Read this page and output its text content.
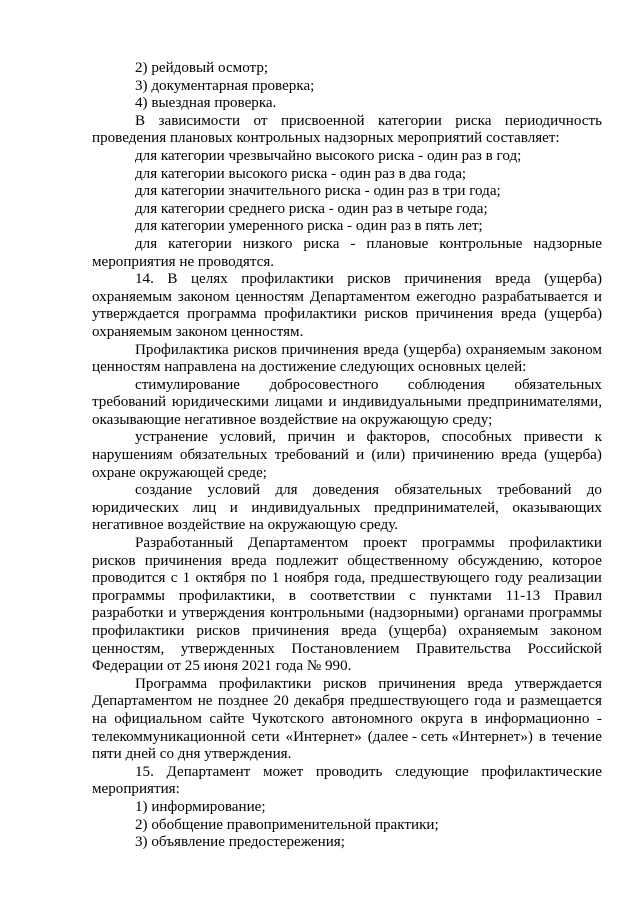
2) рейдовый осмотр;
3) документарная проверка;
4) выездная проверка.
В зависимости от присвоенной категории риска периодичность
проведения плановых контрольных надзорных мероприятий составляет:
для категории чрезвычайно высокого риска - один раз в год;
для категории высокого риска - один раз в два года;
для категории значительного риска - один раз в три года;
для категории среднего риска - один раз в четыре года;
для категории умеренного риска - один раз в пять лет;
для категории низкого риска - плановые контрольные надзорные
мероприятия не проводятся.
14. В целях профилактики рисков причинения вреда (ущерба)
охраняемым законом ценностям Департаментом ежегодно разрабатывается и
утверждается программа профилактики рисков причинения вреда (ущерба)
охраняемым законом ценностям.
Профилактика рисков причинения вреда (ущерба) охраняемым законом
ценностям направлена на достижение следующих основных целей:
стимулирование добросовестного соблюдения обязательных
требований юридическими лицами и индивидуальными предпринимателями,
оказывающие негативное воздействие на окружающую среду;
устранение условий, причин и факторов, способных привести к
нарушениям обязательных требований и (или) причинению вреда (ущерба)
охране окружающей среде;
создание условий для доведения обязательных требований до
юридических лиц и индивидуальных предпринимателей, оказывающих
негативное воздействие на окружающую среду.
Разработанный Департаментом проект программы профилактики
рисков причинения вреда подлежит общественному обсуждению, которое
проводится с 1 октября по 1 ноября года, предшествующего году реализации
программы профилактики, в соответствии с пунктами 11-13 Правил
разработки и утверждения контрольными (надзорными) органами программы
профилактики рисков причинения вреда (ущерба) охраняемым законом
ценностям, утвержденных Постановлением Правительства Российской
Федерации от 25 июня 2021 года № 990.
Программа профилактики рисков причинения вреда утверждается
Департаментом не позднее 20 декабря предшествующего года и размещается
на официальном сайте Чукотского автономного округа в информационно -
телекоммуникационной сети «Интернет» (далее - сеть «Интернет») в течение
пяти дней со дня утверждения.
15. Департамент может проводить следующие профилактические
мероприятия:
1) информирование;
2) обобщение правоприменительной практики;
3) объявление предостережения;
